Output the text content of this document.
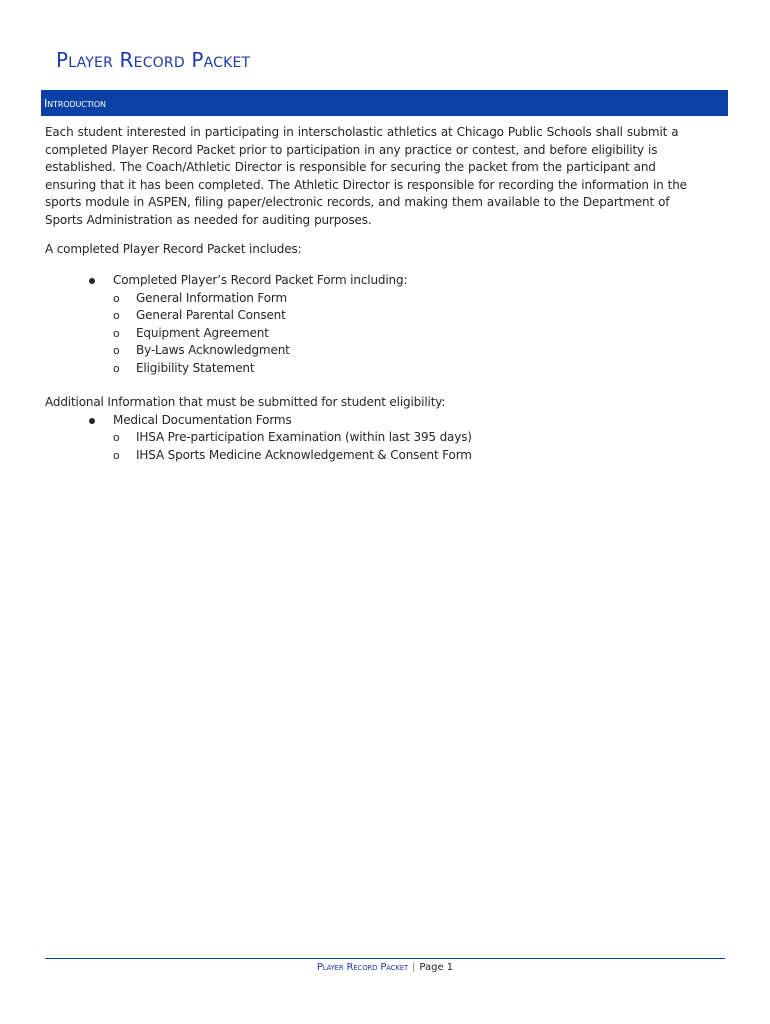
Player Record Packet
Introduction

Each student interested in participating in interscholastic athletics at Chicago Public Schools shall submit a completed Player Record Packet prior to participation in any practice or contest, and before eligibility is established. The Coach/Athletic Director is responsible for securing the packet from the participant and ensuring that it has been completed. The Athletic Director is responsible for recording the information in the sports module in ASPEN, filing paper/electronic records, and making them available to the Department of Sports Administration as needed for auditing purposes.

A completed Player Record Packet includes:

Completed Player’s Record Packet Form including:
o General Information Form
o General Parental Consent
o Equipment Agreement
o By-Laws Acknowledgment
o Eligibility Statement

Additional Information that must be submitted for student eligibility:

Medical Documentation Forms
o IHSA Pre-participation Examination (within last 395 days)
o IHSA Sports Medicine Acknowledgement & Consent Form
Player Record Packet | Page 1
